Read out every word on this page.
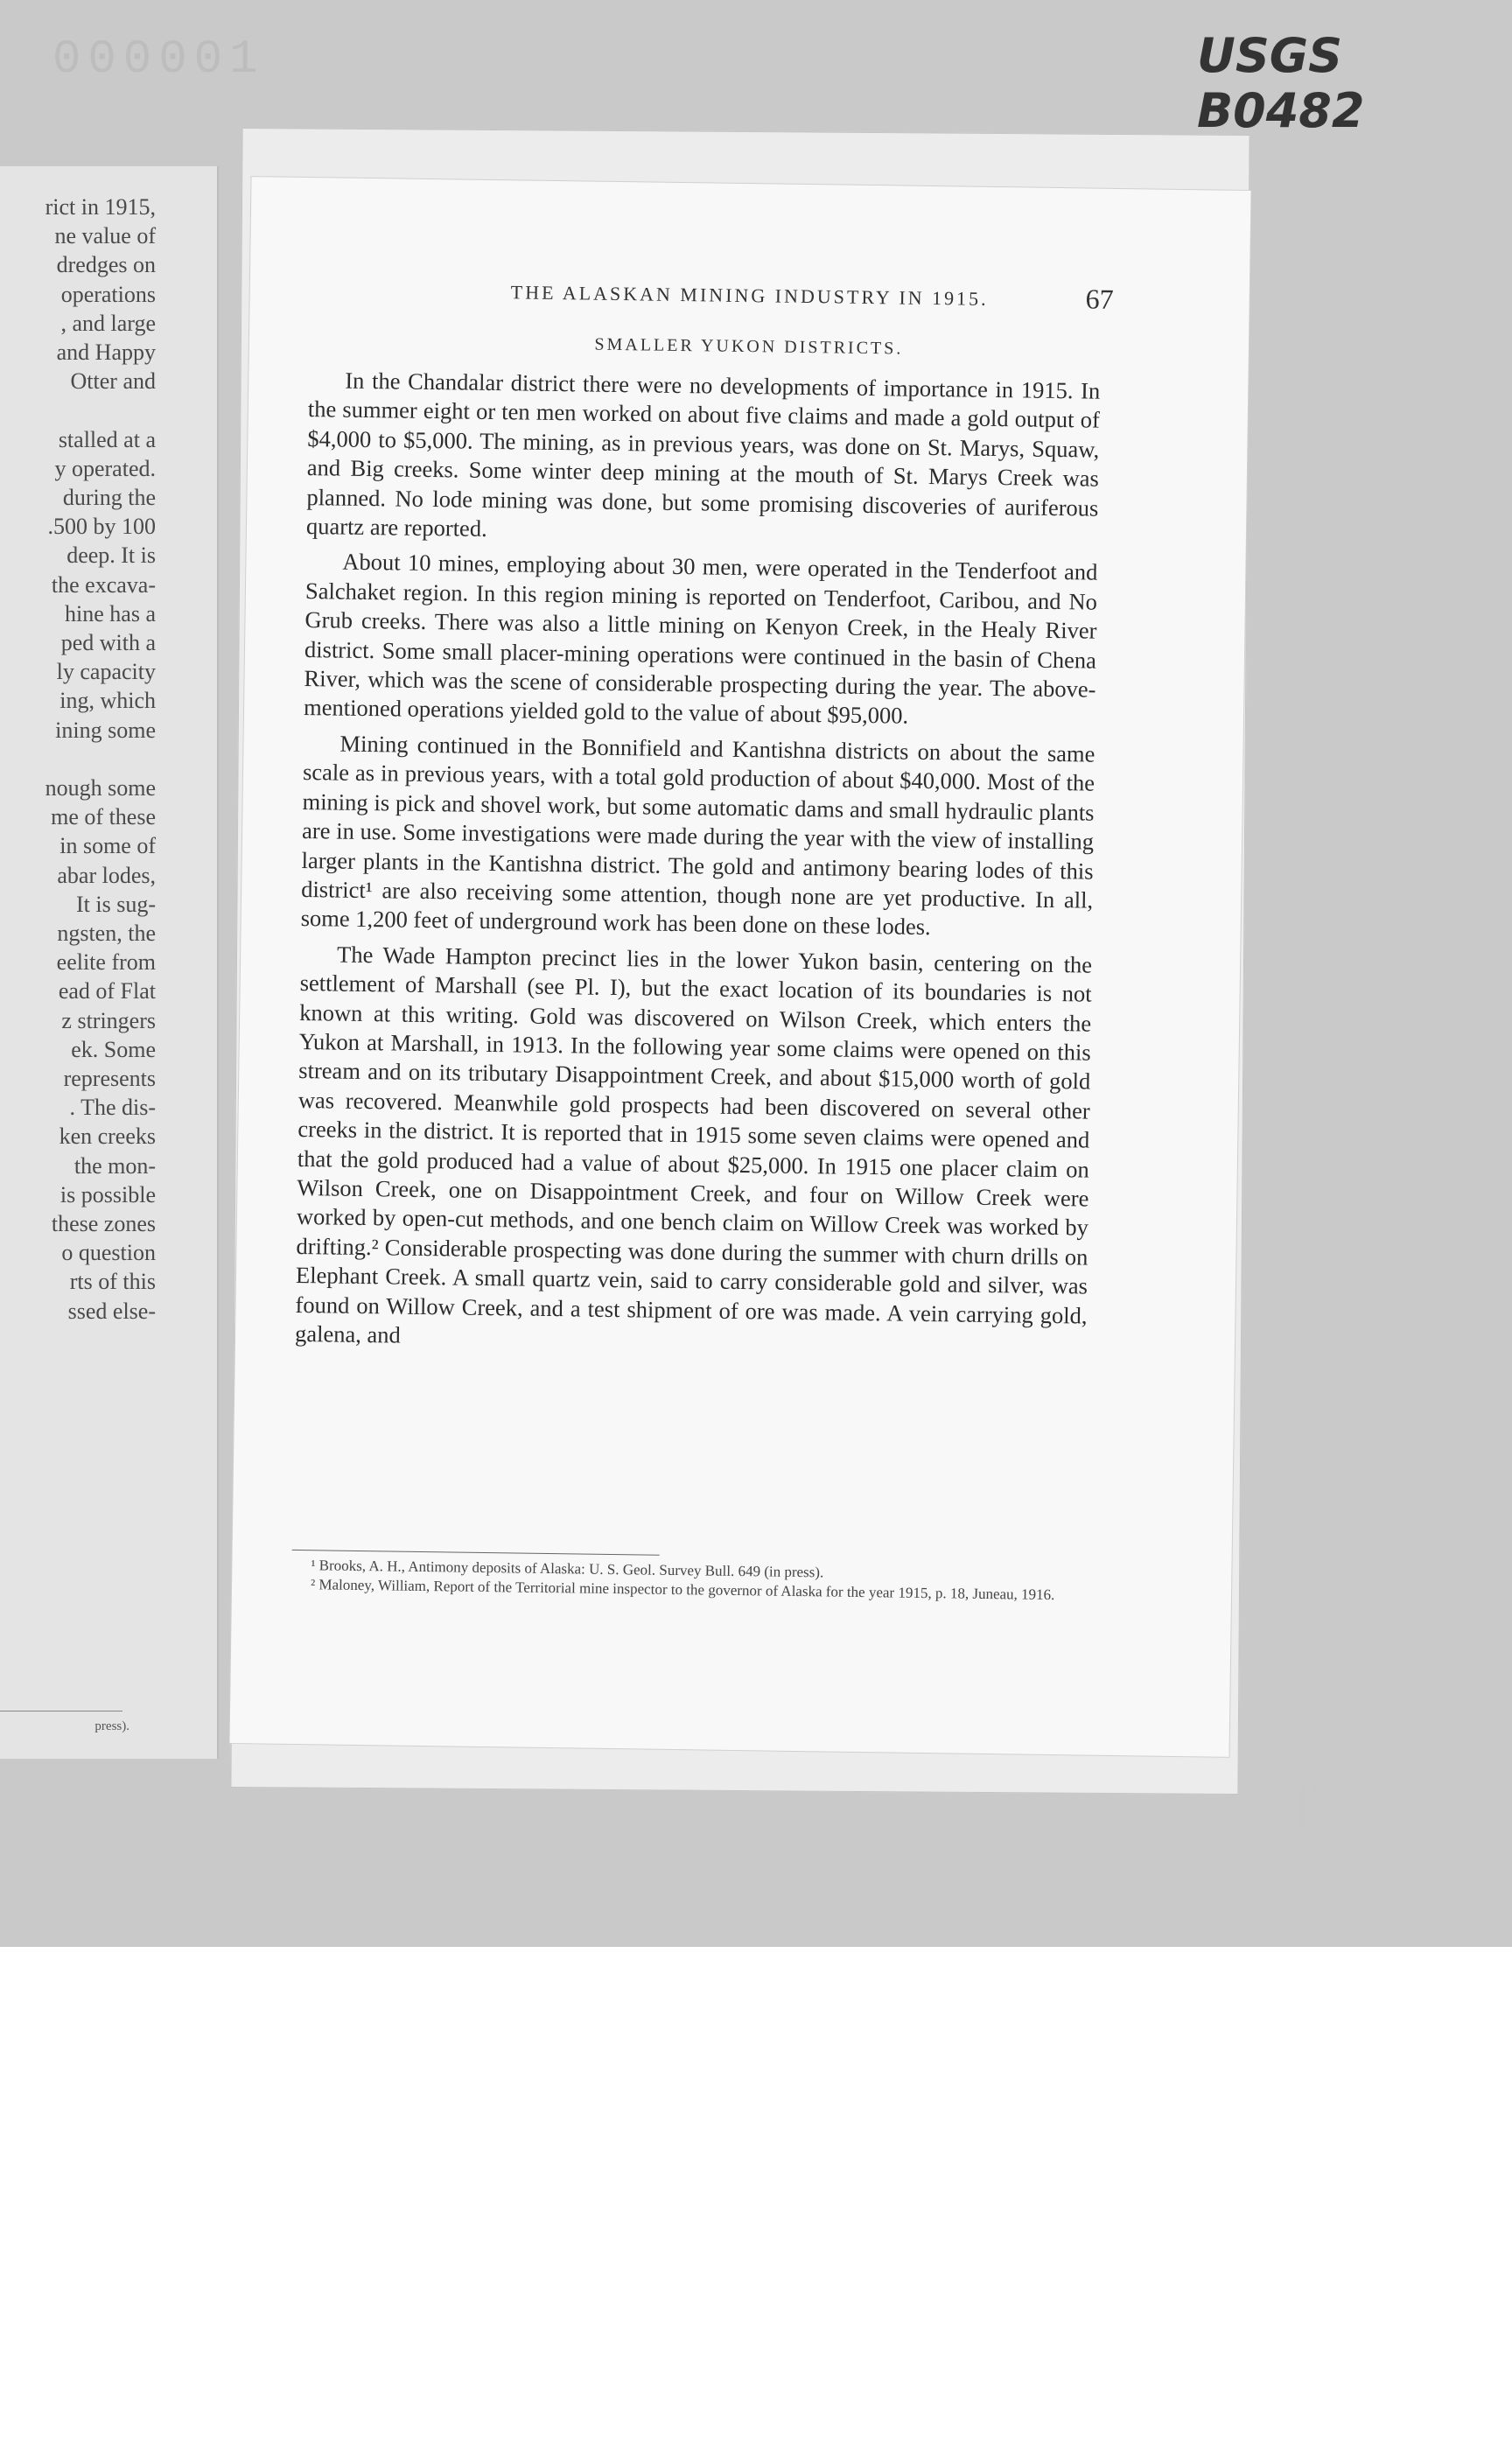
000001	USGS B0482
press).
rict in 1915,
ne value of
dredges on
operations
, and large
and Happy
Otter and
stalled at a
y operated.
during the
.500 by 100
deep. It is
the excava-
hine has a
ped with a
ly capacity
ing, which
ining some
nough some
me of these
in some of
abar lodes,
It is sug-
ngsten, the
eelite from
ead of Flat
z stringers
ek. Some
represents
. The dis-
ken creeks
the mon-
is possible
these zones
o question
rts of this
ssed else-
THE ALASKAN MINING INDUSTRY IN 1915.	67
SMALLER YUKON DISTRICTS.

In the Chandalar district there were no developments of importance in 1915. In the summer eight or ten men worked on about five claims and made a gold output of $4,000 to $5,000. The mining, as in previous years, was done on St. Marys, Squaw, and Big creeks. Some winter deep mining at the mouth of St. Marys Creek was planned. No lode mining was done, but some promising discoveries of auriferous quartz are reported.

About 10 mines, employing about 30 men, were operated in the Tenderfoot and Salchaket region. In this region mining is reported on Tenderfoot, Caribou, and No Grub creeks. There was also a little mining on Kenyon Creek, in the Healy River district. Some small placer-mining operations were continued in the basin of Chena River, which was the scene of considerable prospecting during the year. The above-mentioned operations yielded gold to the value of about $95,000.

Mining continued in the Bonnifield and Kantishna districts on about the same scale as in previous years, with a total gold production of about $40,000. Most of the mining is pick and shovel work, but some automatic dams and small hydraulic plants are in use. Some investigations were made during the year with the view of installing larger plants in the Kantishna district. The gold and antimony bearing lodes of this district¹ are also receiving some attention, though none are yet productive. In all, some 1,200 feet of underground work has been done on these lodes.

The Wade Hampton precinct lies in the lower Yukon basin, centering on the settlement of Marshall (see Pl. I), but the exact location of its boundaries is not known at this writing. Gold was discovered on Wilson Creek, which enters the Yukon at Marshall, in 1913. In the following year some claims were opened on this stream and on its tributary Disappointment Creek, and about $15,000 worth of gold was recovered. Meanwhile gold prospects had been discovered on several other creeks in the district. It is reported that in 1915 some seven claims were opened and that the gold produced had a value of about $25,000. In 1915 one placer claim on Wilson Creek, one on Disappointment Creek, and four on Willow Creek were worked by open-cut methods, and one bench claim on Willow Creek was worked by drifting.² Considerable prospecting was done during the summer with churn drills on Elephant Creek. A small quartz vein, said to carry considerable gold and silver, was found on Willow Creek, and a test shipment of ore was made. A vein carrying gold, galena, and

¹ Brooks, A. H., Antimony deposits of Alaska: U. S. Geol. Survey Bull. 649 (in press).

² Maloney, William, Report of the Territorial mine inspector to the governor of Alaska for the year 1915, p. 18, Juneau, 1916.

ƒ
